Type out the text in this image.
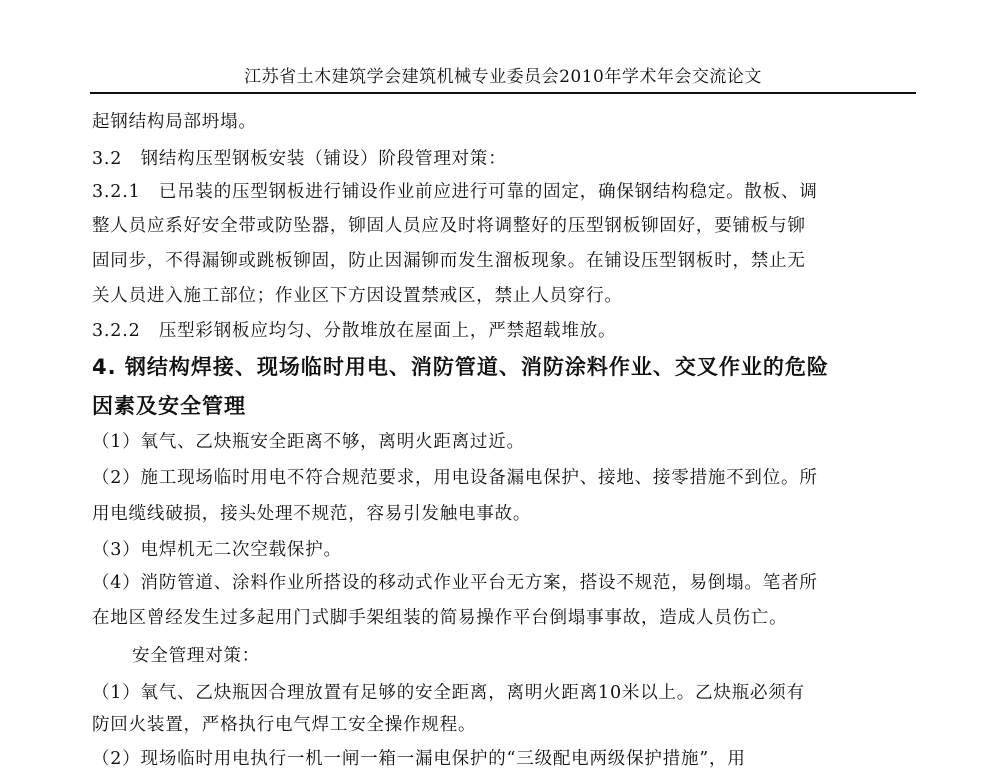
江苏省土木建筑学会建筑机械专业委员会2010年学术年会交流论文
起钢结构局部坍塌。
3.2　钢结构压型钢板安装（铺设）阶段管理对策：
3.2.1　已吊装的压型钢板进行铺设作业前应进行可靠的固定，确保钢结构稳定。散板、调
整人员应系好安全带或防坠器，铆固人员应及时将调整好的压型钢板铆固好，要铺板与铆
固同步，不得漏铆或跳板铆固，防止因漏铆而发生溜板现象。在铺设压型钢板时，禁止无
关人员进入施工部位；作业区下方因设置禁戒区，禁止人员穿行。
3.2.2　压型彩钢板应均匀、分散堆放在屋面上，严禁超载堆放。
4. 钢结构焊接、现场临时用电、消防管道、消防涂料作业、交叉作业的危险
因素及安全管理
（1）氧气、乙炔瓶安全距离不够，离明火距离过近。
（2）施工现场临时用电不符合规范要求，用电设备漏电保护、接地、接零措施不到位。所
用电缆线破损，接头处理不规范，容易引发触电事故。
（3）电焊机无二次空载保护。
（4）消防管道、涂料作业所搭设的移动式作业平台无方案，搭设不规范，易倒塌。笔者所
在地区曾经发生过多起用门式脚手架组装的简易操作平台倒塌事事故，造成人员伤亡。
安全管理对策：
（1）氧气、乙炔瓶因合理放置有足够的安全距离，离明火距离10米以上。乙炔瓶必须有
防回火装置，严格执行电气焊工安全操作规程。
（2）现场临时用电执行一机一闸一箱一漏电保护的“三级配电两级保护措施”，用
